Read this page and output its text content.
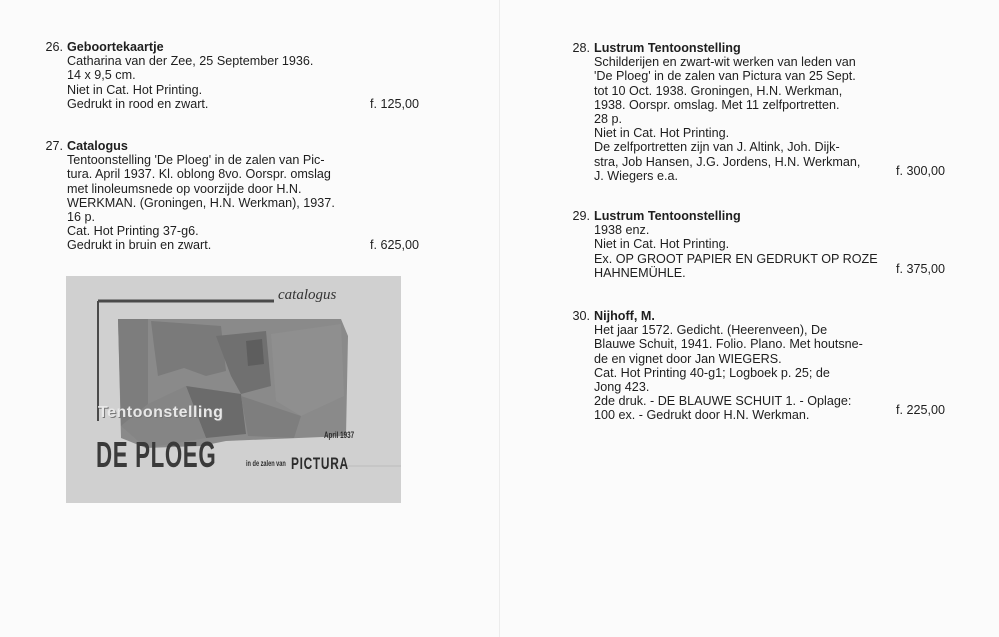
26. Geboortekaartje
Catharina van der Zee, 25 September 1936.
14 x 9,5 cm.
Niet in Cat. Hot Printing.
Gedrukt in rood en zwart.	f. 125,00
27. Catalogus
Tentoonstelling 'De Ploeg' in de zalen van Pic-
tura. April 1937. Kl. oblong 8vo. Oorspr. omslag
met linoleumsnede op voorzijde door H.N.
WERKMAN. (Groningen, H.N. Werkman), 1937.
16 p.
Cat. Hot Printing 37-g6.
Gedrukt in bruin en zwart.	f. 625,00
catalogus
Tentoonstelling
DE PLOEG	April 1937
in de zalen van PICTURA
28. Lustrum Tentoonstelling
Schilderijen en zwart-wit werken van leden van
'De Ploeg' in de zalen van Pictura van 25 Sept.
tot 10 Oct. 1938. Groningen, H.N. Werkman,
1938. Oorspr. omslag. Met 11 zelfportretten.
28 p.
Niet in Cat. Hot Printing.
De zelfportretten zijn van J. Altink, Joh. Dijk-
stra, Job Hansen, J.G. Jordens, H.N. Werkman,
J. Wiegers e.a.	f. 300,00
29. Lustrum Tentoonstelling
1938 enz.
Niet in Cat. Hot Printing.
Ex. OP GROOT PAPIER EN GEDRUKT OP ROZE
HAHNEMÜHLE.	f. 375,00
30. Nijhoff, M.
Het jaar 1572. Gedicht. (Heerenveen), De
Blauwe Schuit, 1941. Folio. Plano. Met houtsne-
de en vignet door Jan WIEGERS.
Cat. Hot Printing 40-g1; Logboek p. 25; de
Jong 423.
2de druk. - DE BLAUWE SCHUIT 1. - Oplage:
100 ex. - Gedrukt door H.N. Werkman.	f. 225,00
